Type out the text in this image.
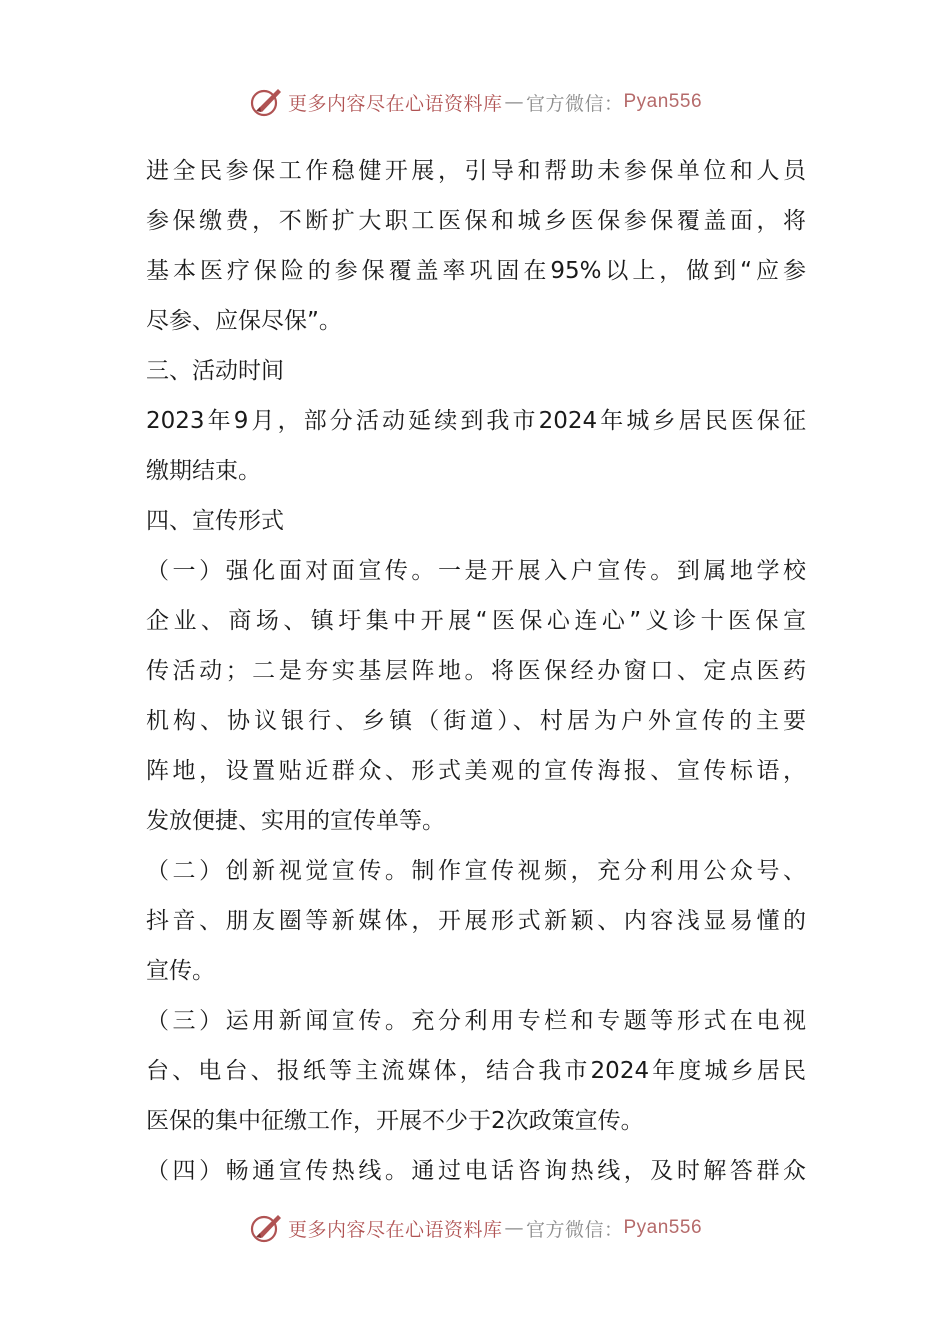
更多内容尽在心语资料库 — 官方微信： Pyan556
进全民参保工作稳健开展，引导和帮助未参保单位和人员
参保缴费，不断扩大职工医保和城乡医保参保覆盖面，将
基本医疗保险的参保覆盖率巩固在95%以上，做到“应参
尽参、应保尽保”。
三、活动时间
2023年9月，部分活动延续到我市2024年城乡居民医保征
缴期结束。
四、宣传形式
（一）强化面对面宣传。一是开展入户宣传。到属地学校
企业、商场、镇圩集中开展“医保心连心”义诊十医保宣
传活动；二是夯实基层阵地。将医保经办窗口、定点医药
机构、协议银行、乡镇（街道）、村居为户外宣传的主要
阵地，设置贴近群众、形式美观的宣传海报、宣传标语，
发放便捷、实用的宣传单等。
（二）创新视觉宣传。制作宣传视频，充分利用公众号、
抖音、朋友圈等新媒体，开展形式新颖、内容浅显易懂的
宣传。
（三）运用新闻宣传。充分利用专栏和专题等形式在电视
台、电台、报纸等主流媒体，结合我市2024年度城乡居民
医保的集中征缴工作，开展不少于2次政策宣传。
（四）畅通宣传热线。通过电话咨询热线，及时解答群众
更多内容尽在心语资料库 — 官方微信： Pyan556
